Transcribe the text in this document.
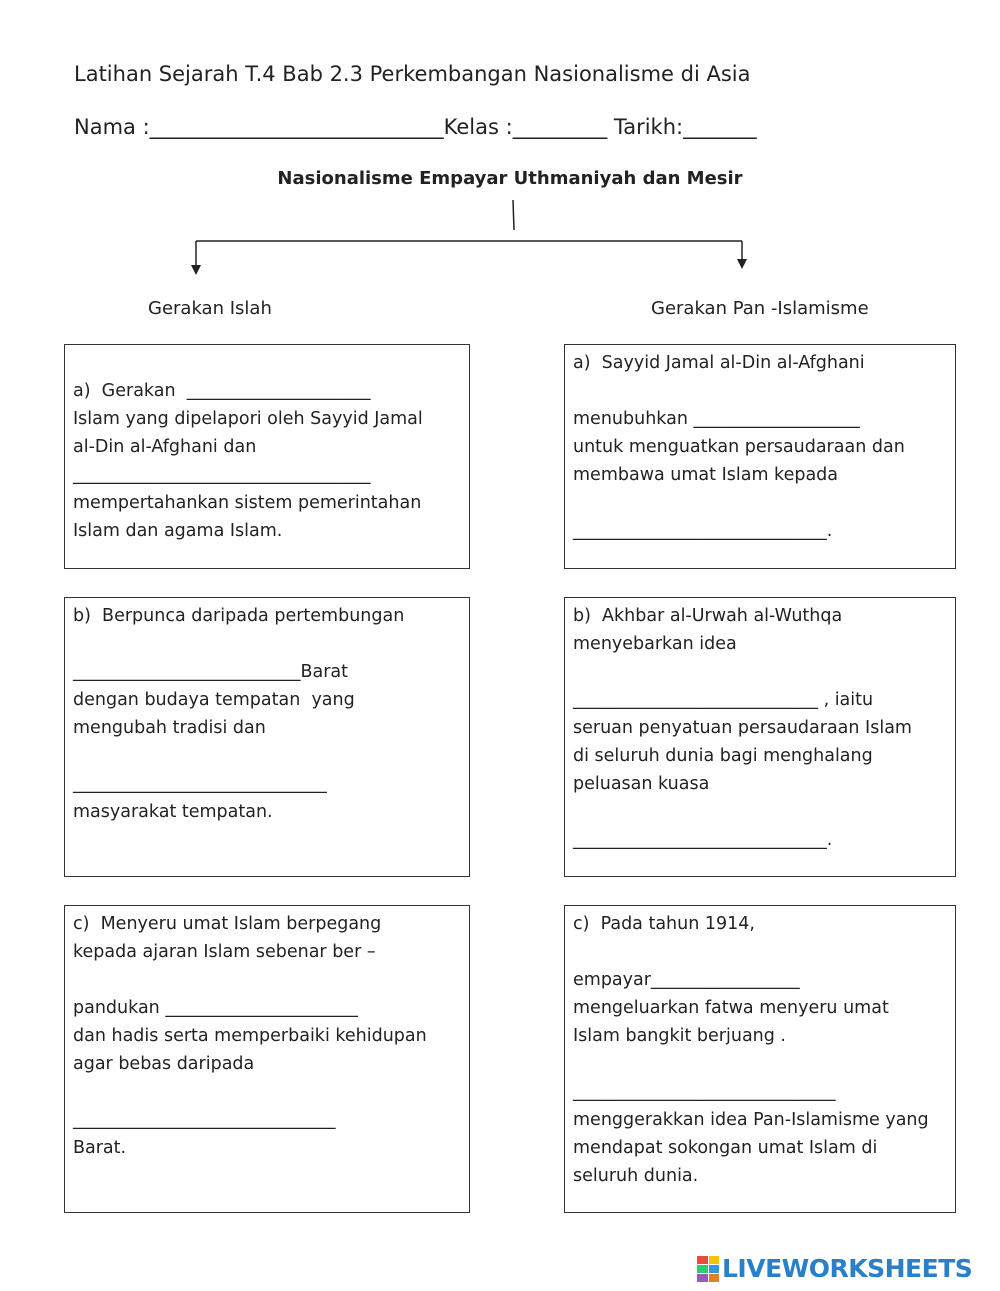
Latihan Sejarah T.4 Bab 2.3 Perkembangan Nasionalisme di Asia
Nama :____________________________Kelas :_________ Tarikh:_______
Nasionalisme Empayar Uthmaniyah dan Mesir
Gerakan Islah	Gerakan Pan -Islamisme
a)  Gerakan  _____________________
Islam yang dipelapori oleh Sayyid Jamal
al-Din al-Afghani dan
__________________________________
mempertahankan sistem pemerintahan
Islam dan agama Islam.
b)  Berpunca daripada pertembungan
__________________________Barat
dengan budaya tempatan  yang
mengubah tradisi dan
_____________________________
masyarakat tempatan.
c)  Menyeru umat Islam berpegang
kepada ajaran Islam sebenar ber –
pandukan ______________________
dan hadis serta memperbaiki kehidupan
agar bebas daripada
______________________________
Barat.
a)  Sayyid Jamal al-Din al-Afghani
menubuhkan ___________________
untuk menguatkan persaudaraan dan
membawa umat Islam kepada
_____________________________.
b)  Akhbar al-Urwah al-Wuthqa
menyebarkan idea
____________________________ , iaitu
seruan penyatuan persaudaraan Islam
di seluruh dunia bagi menghalang
peluasan kuasa
_____________________________.
c)  Pada tahun 1914,
empayar_________________
mengeluarkan fatwa menyeru umat
Islam bangkit berjuang .
______________________________
menggerakkan idea Pan-Islamisme yang
mendapat sokongan umat Islam di
seluruh dunia.
LIVEWORKSHEETS
